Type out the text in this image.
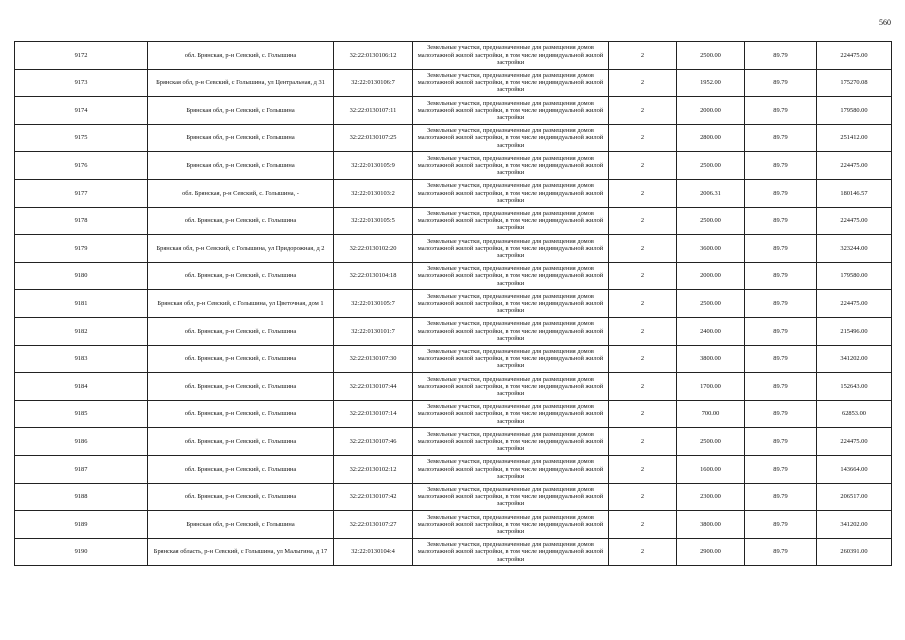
560
9172	обл. Брянская, р-н Севский, с. Голышина	32:22:0130106:12	Земельные участки, предназначенные для размещения домов малоэтажной жилой застройки, в том числе индивидуальной жилой застройки	2	2500.00	89.79	224475.00
9173	Брянская обл, р-н Севский, с Голышина, ул Центральная, д 31	32:22:0130106:7	Земельные участки, предназначенные для размещения домов малоэтажной жилой застройки, в том числе индивидуальной жилой застройки	2	1952.00	89.79	175270.08
9174	Брянская обл, р-н Севский, с Голышина	32:22:0130107:11	Земельные участки, предназначенные для размещения домов малоэтажной жилой застройки, в том числе индивидуальной жилой застройки	2	2000.00	89.79	179580.00
9175	Брянская обл, р-н Севский, с Голышина	32:22:0130107:25	Земельные участки, предназначенные для размещения домов малоэтажной жилой застройки, в том числе индивидуальной жилой застройки	2	2800.00	89.79	251412.00
9176	Брянская обл, р-н Севский, с Голышина	32:22:0130105:9	Земельные участки, предназначенные для размещения домов малоэтажной жилой застройки, в том числе индивидуальной жилой застройки	2	2500.00	89.79	224475.00
9177	обл. Брянская, р-н Севский, с. Голышина, -	32:22:0130103:2	Земельные участки, предназначенные для размещения домов малоэтажной жилой застройки, в том числе индивидуальной жилой застройки	2	2006.31	89.79	180146.57
9178	обл. Брянская, р-н Севский, с. Голышина	32:22:0130105:5	Земельные участки, предназначенные для размещения домов малоэтажной жилой застройки, в том числе индивидуальной жилой застройки	2	2500.00	89.79	224475.00
9179	Брянская обл, р-н Севский, с Голышина, ул Придорожная, д 2	32:22:0130102:20	Земельные участки, предназначенные для размещения домов малоэтажной жилой застройки, в том числе индивидуальной жилой застройки	2	3600.00	89.79	323244.00
9180	обл. Брянская, р-н Севский, с. Голышина	32:22:0130104:18	Земельные участки, предназначенные для размещения домов малоэтажной жилой застройки, в том числе индивидуальной жилой застройки	2	2000.00	89.79	179580.00
9181	Брянская обл, р-н Севский, с Голышина, ул Цветочная, дом 1	32:22:0130105:7	Земельные участки, предназначенные для размещения домов малоэтажной жилой застройки, в том числе индивидуальной жилой застройки	2	2500.00	89.79	224475.00
9182	обл. Брянская, р-н Севский, с. Голышина	32:22:0130101:7	Земельные участки, предназначенные для размещения домов малоэтажной жилой застройки, в том числе индивидуальной жилой застройки	2	2400.00	89.79	215496.00
9183	обл. Брянская, р-н Севский, с. Голышина	32:22:0130107:30	Земельные участки, предназначенные для размещения домов малоэтажной жилой застройки, в том числе индивидуальной жилой застройки	2	3800.00	89.79	341202.00
9184	обл. Брянская, р-н Севский, с. Голышина	32:22:0130107:44	Земельные участки, предназначенные для размещения домов малоэтажной жилой застройки, в том числе индивидуальной жилой застройки	2	1700.00	89.79	152643.00
9185	обл. Брянская, р-н Севский, с. Голышина	32:22:0130107:14	Земельные участки, предназначенные для размещения домов малоэтажной жилой застройки, в том числе индивидуальной жилой застройки	2	700.00	89.79	62853.00
9186	обл. Брянская, р-н Севский, с. Голышина	32:22:0130107:46	Земельные участки, предназначенные для размещения домов малоэтажной жилой застройки, в том числе индивидуальной жилой застройки	2	2500.00	89.79	224475.00
9187	обл. Брянская, р-н Севский, с. Голышина	32:22:0130102:12	Земельные участки, предназначенные для размещения домов малоэтажной жилой застройки, в том числе индивидуальной жилой застройки	2	1600.00	89.79	143664.00
9188	обл. Брянская, р-н Севский, с. Голышина	32:22:0130107:42	Земельные участки, предназначенные для размещения домов малоэтажной жилой застройки, в том числе индивидуальной жилой застройки	2	2300.00	89.79	206517.00
9189	Брянская обл, р-н Севский, с Голышина	32:22:0130107:27	Земельные участки, предназначенные для размещения домов малоэтажной жилой застройки, в том числе индивидуальной жилой застройки	2	3800.00	89.79	341202.00
9190	Брянская область, р-н Севский, с Голышина, ул Малыгина, д 17	32:22:0130104:4	Земельные участки, предназначенные для размещения домов малоэтажной жилой застройки, в том числе индивидуальной жилой застройки	2	2900.00	89.79	260391.00
